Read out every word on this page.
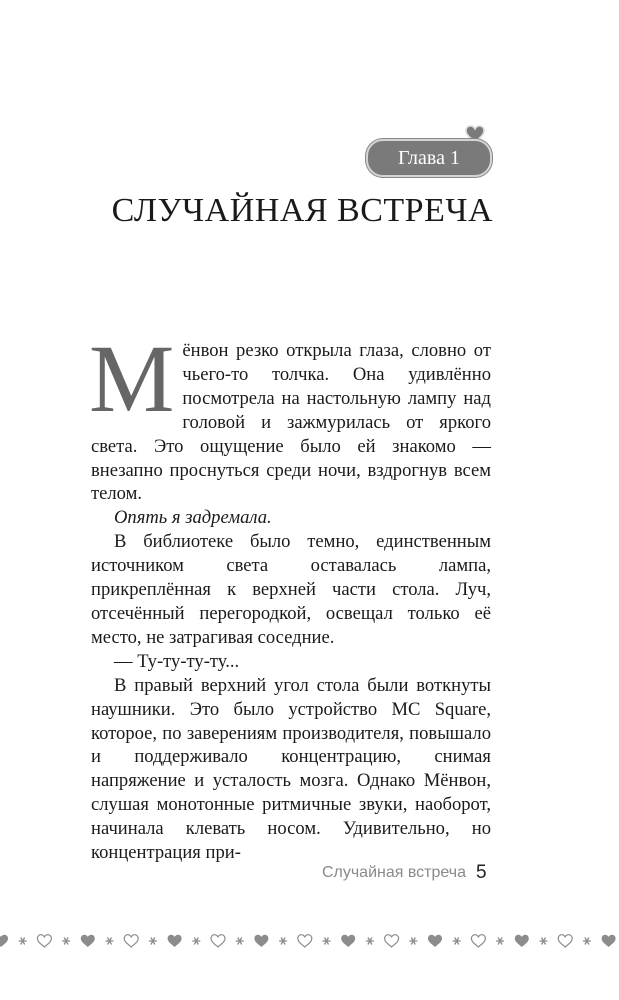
Глава 1
СЛУЧАЙНАЯ ВСТРЕЧА

Мёнвон резко открыла глаза, словно от чьего-то толчка. Она удивлённо посмотрела на настольную лампу над головой и зажмурилась от яркого света. Это ощущение было ей знакомо — внезапно проснуться среди ночи, вздрогнув всем телом.

Опять я задремала.

В библиотеке было темно, единственным источником света оставалась лампа, прикреплённая к верхней части стола. Луч, отсечённый перегородкой, освещал только её место, не затрагивая соседние.

— Ту-ту-ту-ту...

В правый верхний угол стола были воткнуты наушники. Это было устройство MC Square, которое, по заверениям производителя, повышало и поддерживало концентрацию, снимая напряжение и усталость мозга. Однако Мёнвон, слушая монотонные ритмичные звуки, наоборот, начинала клевать носом. Удивительно, но концентрация при-

Случайная встреча 5
